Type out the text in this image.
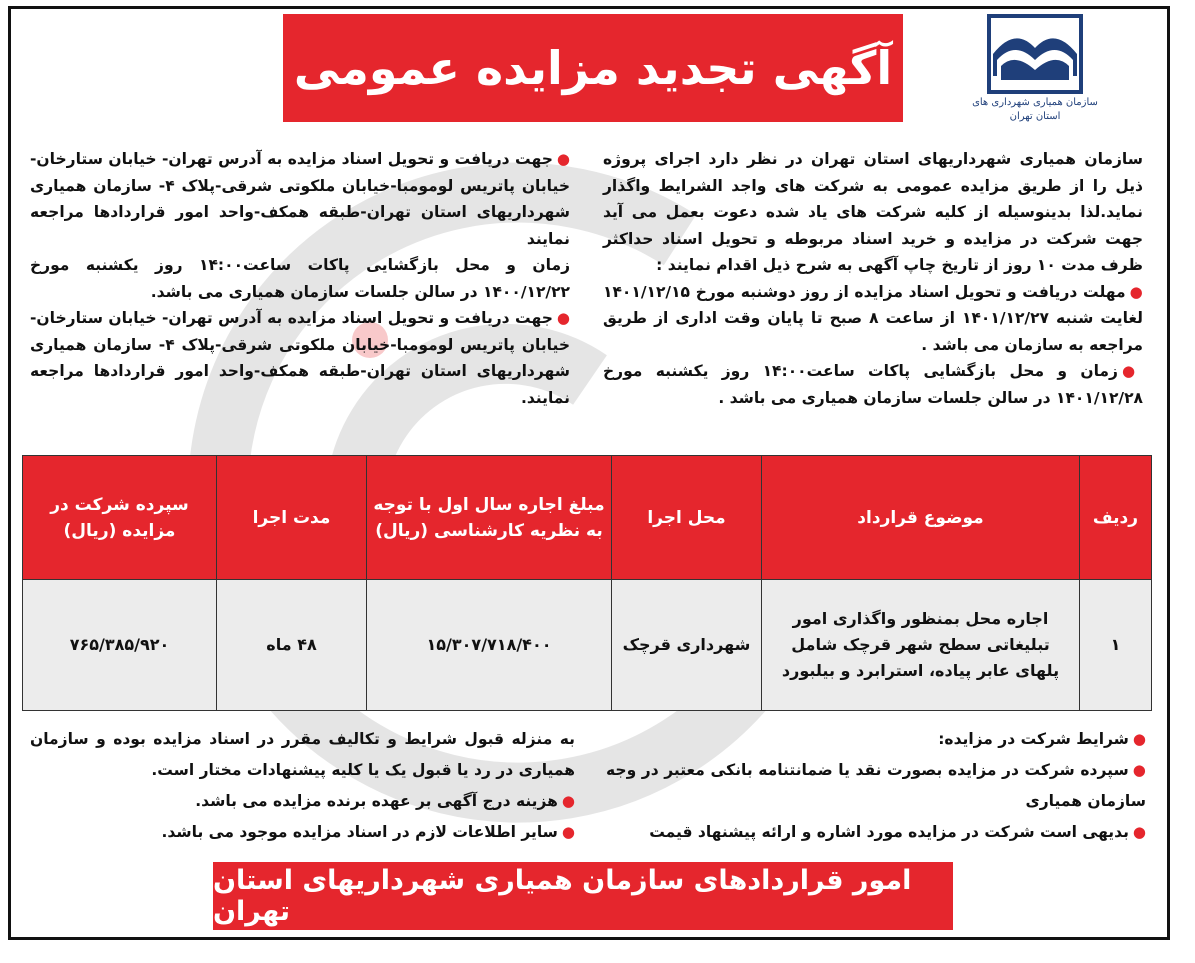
سازمان همیاری شهرداری های
استان تهران
آگهی تجدید مزایده عمومی

سازمان همیاری شهرداریهای استان تهران در نظر دارد اجرای پروژه ذیل را از طریق مزایده عمومی به شرکت های واجد الشرایط واگذار نماید.لذا بدینوسیله از کلیه شرکت های یاد شده دعوت بعمل می آید جهت شرکت در مزایده و خرید اسناد مربوطه و تحویل اسناد حداکثر ظرف مدت ۱۰ روز از تاریخ چاپ آگهی به شرح ذیل اقدام نمایند :

●مهلت دریافت و تحویل اسناد مزایده از روز دوشنبه مورخ ۱۴۰۱/۱۲/۱۵ لغایت شنبه ۱۴۰۱/۱۲/۲۷ از ساعت ۸ صبح تا پایان وقت اداری از طریق مراجعه به سازمان می باشد .

●زمان و محل بازگشایی پاکات ساعت۱۴:۰۰ روز یکشنبه مورخ ۱۴۰۱/۱۲/۲۸ در سالن جلسات سازمان همیاری می باشد .

●جهت دریافت و تحویل اسناد مزایده به آدرس تهران- خیابان ستارخان- خیابان پاتریس لومومبا-خیابان ملکوتی شرقی-پلاک ۴- سازمان همیاری شهرداریهای استان تهران-طبقه همکف-واحد امور قراردادها مراجعه نمایند

زمان و محل بازگشایی پاکات ساعت۱۴:۰۰ روز یکشنبه مورخ ۱۴۰۰/۱۲/۲۲ در سالن جلسات سازمان همیاری می باشد.

●جهت دریافت و تحویل اسناد مزایده به آدرس تهران- خیابان ستارخان- خیابان پاتریس لومومبا-خیابان ملکوتی شرقی-پلاک ۴- سازمان همیاری شهرداریهای استان تهران-طبقه همکف-واحد امور قراردادها مراجعه نمایند.

ردیف	موضوع قرارداد	محل اجرا	مبلغ اجاره سال اول با توجه به نظریه کارشناسی (ریال)	مدت اجرا	سپرده شرکت در مزایده (ریال)
۱	اجاره محل بمنظور واگذاری امور تبلیغاتی سطح شهر قرچک شامل پلهای عابر پیاده، استرابرد و بیلبورد	شهرداری قرچک	۱۵/۳۰۷/۷۱۸/۴۰۰	۴۸ ماه	۷۶۵/۳۸۵/۹۲۰

●شرایط شرکت در مزایده:

●سپرده شرکت در مزایده بصورت نقد یا ضمانتنامه بانکی معتبر در وجه سازمان همیاری

●بدیهی است شرکت در مزایده مورد اشاره و ارائه پیشنهاد قیمت

به منزله قبول شرایط و تکالیف مقرر در اسناد مزایده بوده و سازمان همیاری در رد یا قبول یک یا کلیه پیشنهادات مختار است.

●هزینه درج آگهی بر عهده برنده مزایده می باشد.

●سایر اطلاعات لازم در اسناد مزایده موجود می باشد.

امور قراردادهای سازمان همیاری شهرداریهای استان تهران
